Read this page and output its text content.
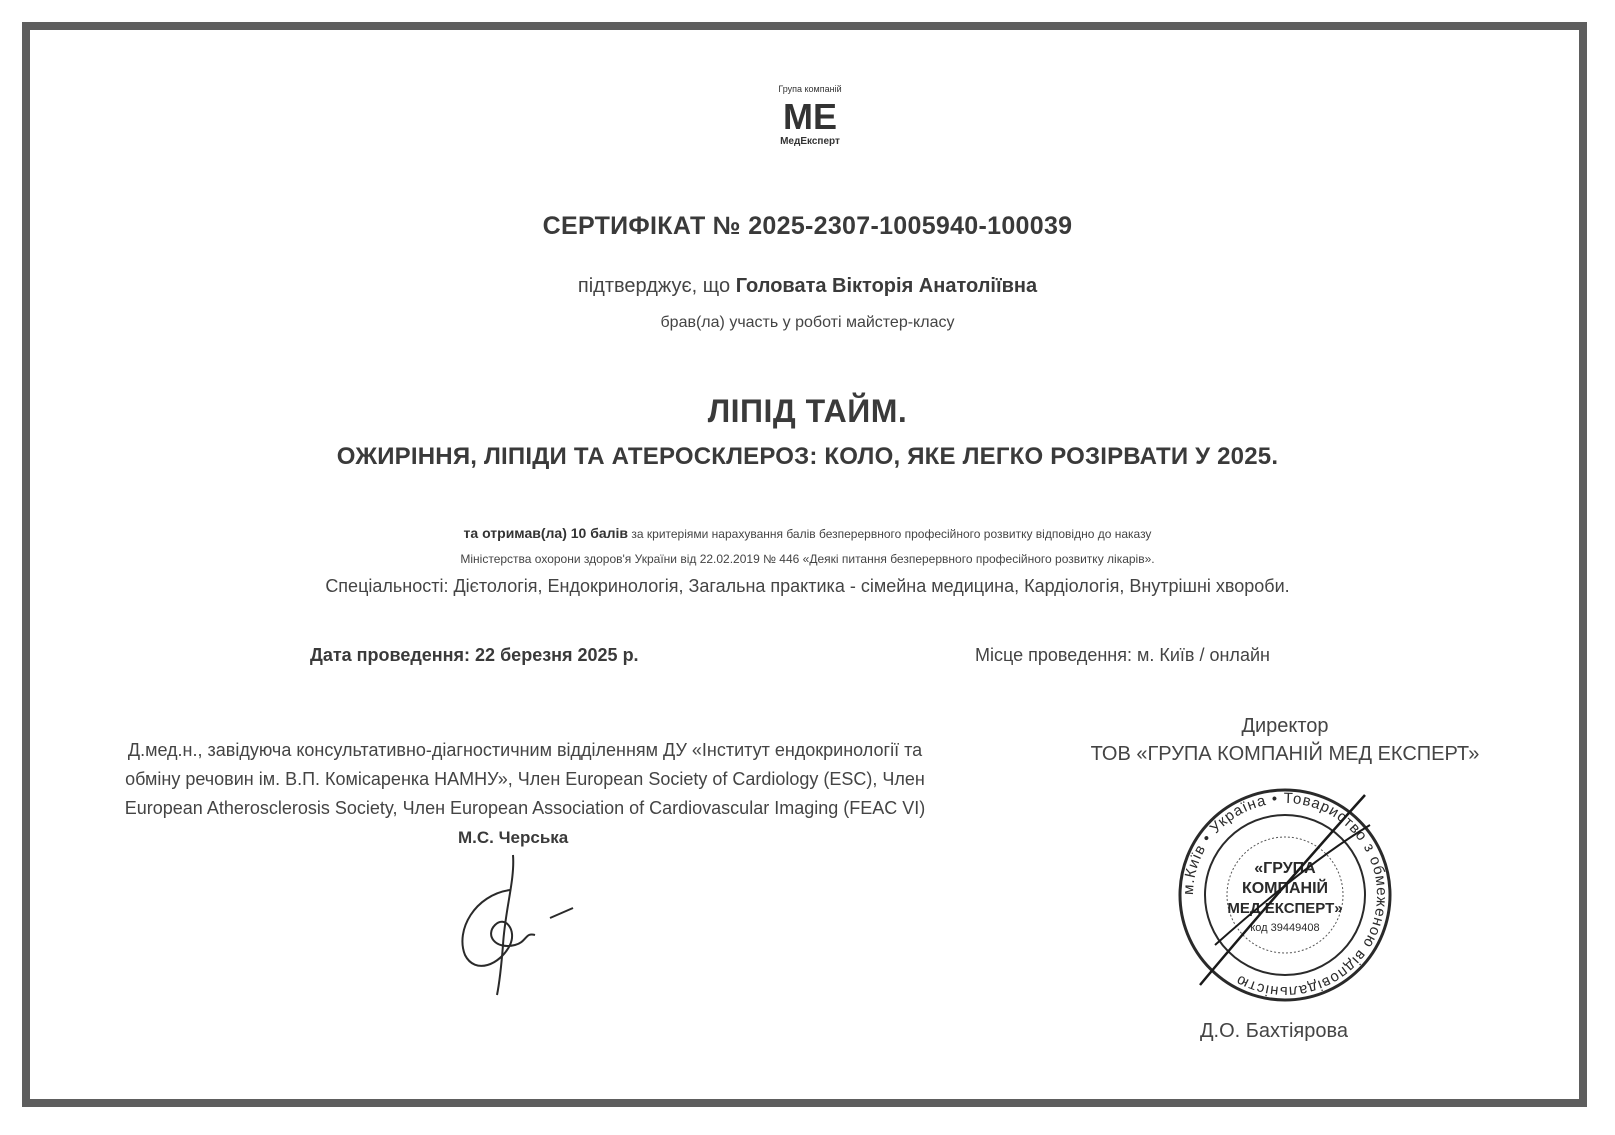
Група компаній
МЕ
МедЕксперт
СЕРТИФІКАТ № 2025-2307-1005940-100039
підтверджує, що Головата Вікторія Анатоліївна
брав(ла) участь у роботі майстер-класу
ЛІПІД ТАЙМ.
ОЖИРІННЯ, ЛІПІДИ ТА АТЕРОСКЛЕРОЗ: КОЛО, ЯКЕ ЛЕГКО РОЗІРВАТИ У 2025.
та отримав(ла) 10 балів за критеріями нарахування балів безперервного професійного розвитку відповідно до наказу
Міністерства охорони здоров'я України від 22.02.2019 № 446 «Деякі питання безперервного професійного розвитку лікарів».
Спеціальності: Дієтологія, Ендокринологія, Загальна практика - сімейна медицина, Кардіологія, Внутрішні хвороби.
Дата проведення: 22 березня 2025 р.	Місце проведення: м. Київ / онлайн
Д.мед.н., завідуюча консультативно-діагностичним відділенням ДУ «Інститут ендокринології та
обміну речовин ім. В.П. Комісаренка НАМНУ», Член European Society of Cardiology (ESC), Член
European Atherosclerosis Society, Член European Association of Cardiovascular Imaging (FEAC VI)
М.С. Черська
Директор
ТОВ «ГРУПА КОМПАНІЙ МЕД ЕКСПЕРТ»
м.Київ • Україна • Товариство з обмеженою відповідальністю
«ГРУПА
КОМПАНІЙ
МЕД ЕКСПЕРТ»
код 39449408
Д.О. Бахтіярова
